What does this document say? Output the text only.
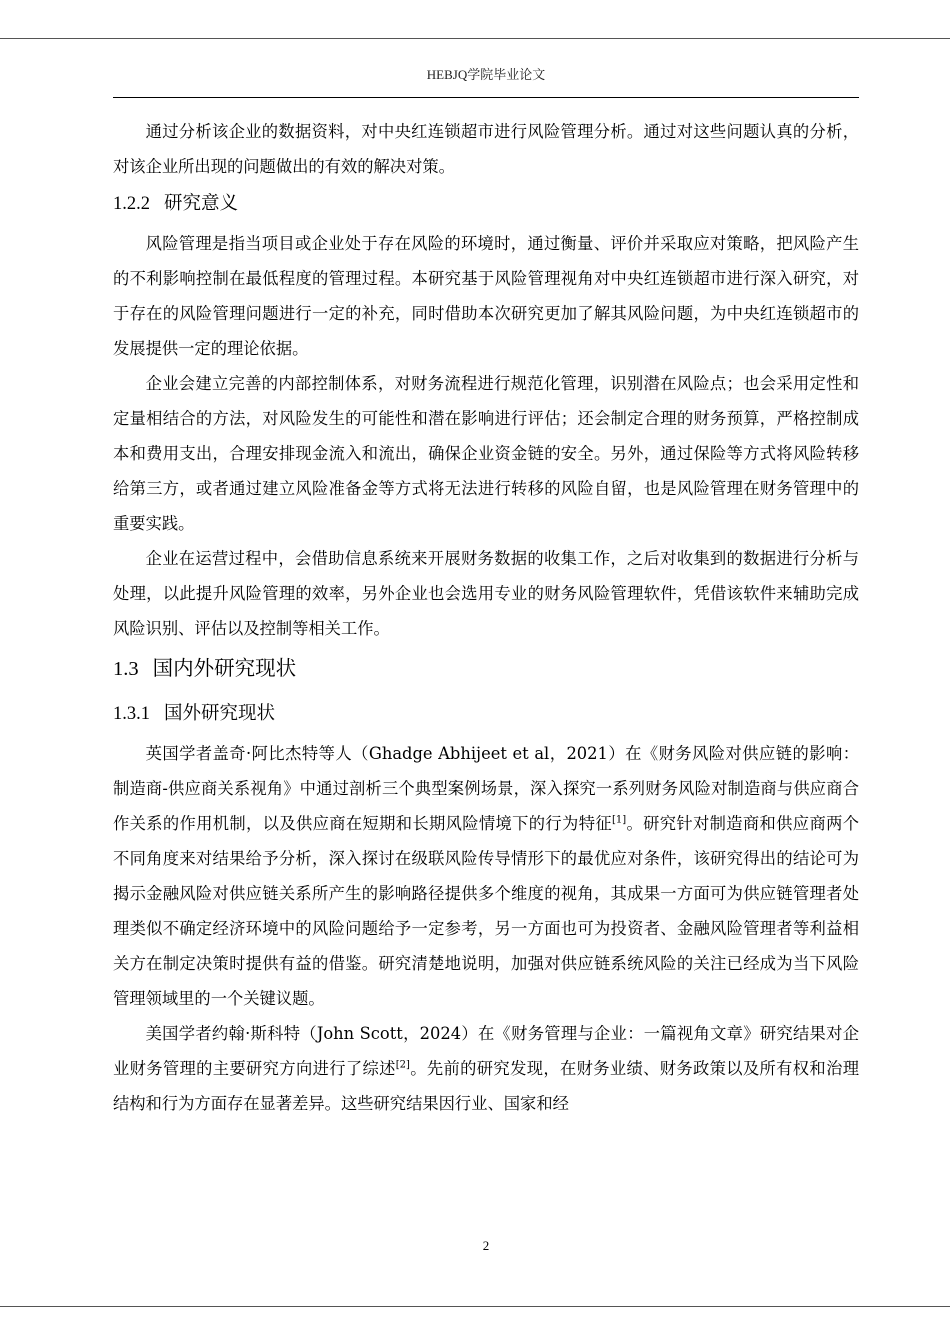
HEBJQ学院毕业论文

通过分析该企业的数据资料，对中央红连锁超市进行风险管理分析。通过对这些问题认真的分析，对该企业所出现的问题做出的有效的解决对策。

1.2.2 研究意义

风险管理是指当项目或企业处于存在风险的环境时，通过衡量、评价并采取应对策略，把风险产生的不利影响控制在最低程度的管理过程。本研究基于风险管理视角对中央红连锁超市进行深入研究，对于存在的风险管理问题进行一定的补充，同时借助本次研究更加了解其风险问题，为中央红连锁超市的发展提供一定的理论依据。

企业会建立完善的内部控制体系，对财务流程进行规范化管理，识别潜在风险点；也会采用定性和定量相结合的方法，对风险发生的可能性和潜在影响进行评估；还会制定合理的财务预算，严格控制成本和费用支出，合理安排现金流入和流出，确保企业资金链的安全。另外，通过保险等方式将风险转移给第三方，或者通过建立风险准备金等方式将无法进行转移的风险自留，也是风险管理在财务管理中的重要实践。

企业在运营过程中，会借助信息系统来开展财务数据的收集工作，之后对收集到的数据进行分析与处理，以此提升风险管理的效率，另外企业也会选用专业的财务风险管理软件，凭借该软件来辅助完成风险识别、评估以及控制等相关工作。

1.3 国内外研究现状
1.3.1 国外研究现状

英国学者盖奇·阿比杰特等人（Ghadge Abhijeet et al，2021）在《财务风险对供应链的影响：制造商-供应商关系视角》中通过剖析三个典型案例场景，深入探究一系列财务风险对制造商与供应商合作关系的作用机制，以及供应商在短期和长期风险情境下的行为特征[1]。研究针对制造商和供应商两个不同角度来对结果给予分析，深入探讨在级联风险传导情形下的最优应对条件，该研究得出的结论可为揭示金融风险对供应链关系所产生的影响路径提供多个维度的视角，其成果一方面可为供应链管理者处理类似不确定经济环境中的风险问题给予一定参考，另一方面也可为投资者、金融风险管理者等利益相关方在制定决策时提供有益的借鉴。研究清楚地说明，加强对供应链系统风险的关注已经成为当下风险管理领域里的一个关键议题。

美国学者约翰·斯科特（John Scott，2024）在《财务管理与企业：一篇视角文章》研究结果对企业财务管理的主要研究方向进行了综述[2]。先前的研究发现，在财务业绩、财务政策以及所有权和治理结构和行为方面存在显著差异。这些研究结果因行业、国家和经

2
